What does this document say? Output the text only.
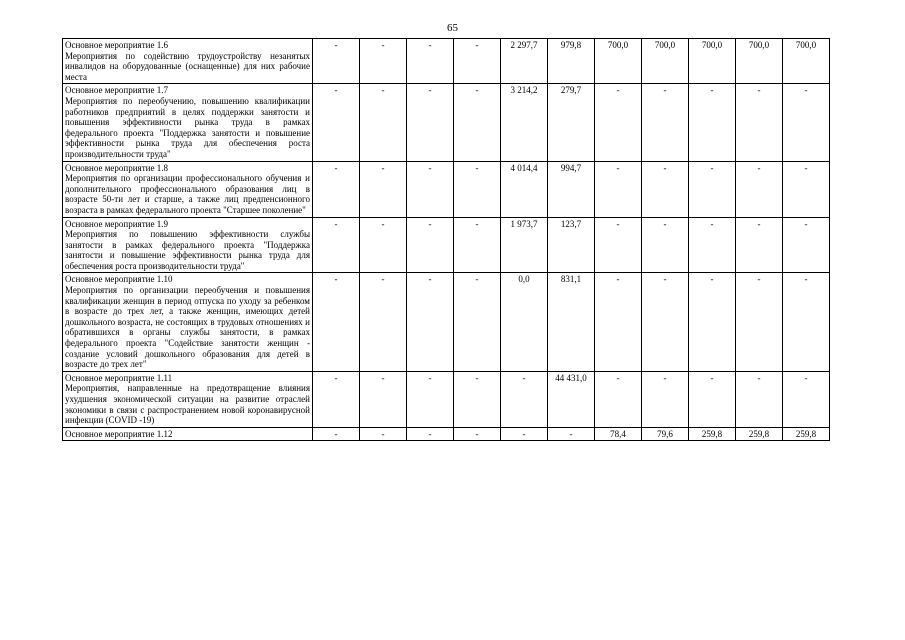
65
Основное мероприятие 1.6
Мероприятия по содействию трудоустройству незанятых инвалидов на оборудованные (оснащенные) для них рабочие места	-	-	-	-	2 297,7	979,8	700,0	700,0	700,0	700,0	700,0

Основное мероприятие 1.7
Мероприятия по переобучению, повышению квалификации работников предприятий в целях поддержки занятости и повышения эффективности рынка труда в рамках федерального проекта "Поддержка занятости и повышение эффективности рынка труда для обеспечения роста производительности труда"	-	-	-	-	3 214,2	279,7	-	-	-	-	-

Основное мероприятие 1.8
Мероприятия по организации профессионального обучения и дополнительного профессионального образования лиц в возрасте 50-ти лет и старше, а также лиц предпенсионного возраста в рамках федерального проекта "Старшее поколение"	-	-	-	-	4 014,4	994,7	-	-	-	-	-

Основное мероприятие 1.9
Мероприятия по повышению эффективности службы занятости в рамках федерального проекта "Поддержка занятости и повышение эффективности рынка труда для обеспечения роста производительности труда"	-	-	-	-	1 973,7	123,7	-	-	-	-	-

Основное мероприятие 1.10
Мероприятия по организации переобучения и повышения квалификации женщин в период отпуска по уходу за ребенком в возрасте до трех лет, а также женщин, имеющих детей дошкольного возраста, не состоящих в трудовых отношениях и обратившихся в органы службы занятости, в рамках федерального проекта "Содействие занятости женщин - создание условий дошкольного образования для детей в возрасте до трех лет"	-	-	-	-	0,0	831,1	-	-	-	-	-

Основное мероприятие 1.11
Мероприятия, направленные на предотвращение влияния ухудшения экономической ситуации на развитие отраслей экономики в связи с распространением новой коронавирусной инфекции (COVID -19)	-	-	-	-	-	44 431,0	-	-	-	-	-

Основное мероприятие 1.12	-	-	-	-	-	-	78,4	79,6	259,8	259,8	259,8
